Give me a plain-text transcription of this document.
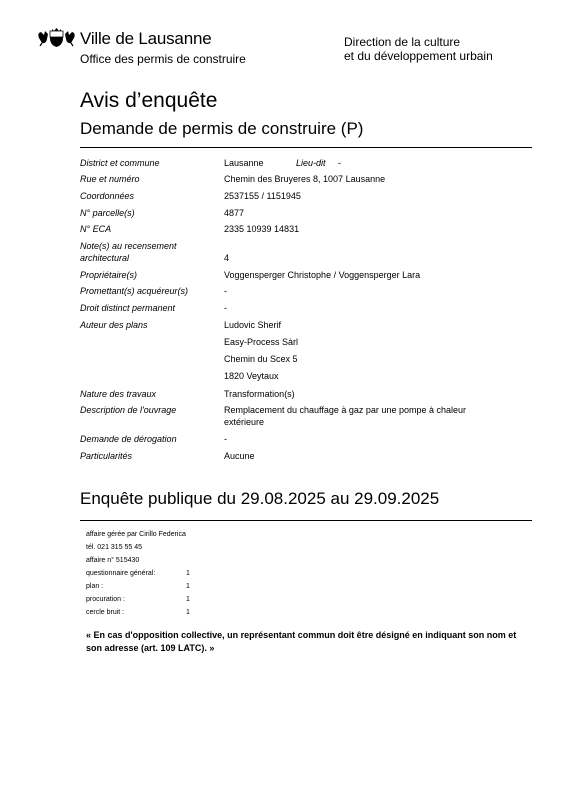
Ville de Lausanne
Office des permis de construire
Direction de la culture
et du développement urbain
Avis d’enquête
Demande de permis de construire (P)
District et commune	Lausanne	Lieu-dit -
Rue et numéro	Chemin des Bruyeres 8, 1007 Lausanne
Coordonnées	2537155 / 1151945
N° parcelle(s)	4877
N° ECA	2335 10939 14831
Note(s) au recensement
architectural	4
Propriétaire(s)	Voggensperger Christophe / Voggensperger Lara
Promettant(s) acquéreur(s)	-
Droit distinct permanent	-
Auteur des plans	Ludovic Sherif
Easy-Process Sàrl
Chemin du Scex 5
1820 Veytaux
Nature des travaux	Transformation(s)
Description de l'ouvrage	Remplacement du chauffage à gaz par une pompe à chaleur
extérieure
Demande de dérogation	-
Particularités	Aucune
Enquête publique du 29.08.2025 au 29.09.2025
affaire gérée par Cirillo Federica
tél. 021 315 55 45
affaire n° 515430
questionnaire général:	1
plan :	1
procuration :	1
cercle bruit :	1
« En cas d'opposition collective, un représentant commun doit être désigné en indiquant son nom et son adresse (art. 109 LATC). »
